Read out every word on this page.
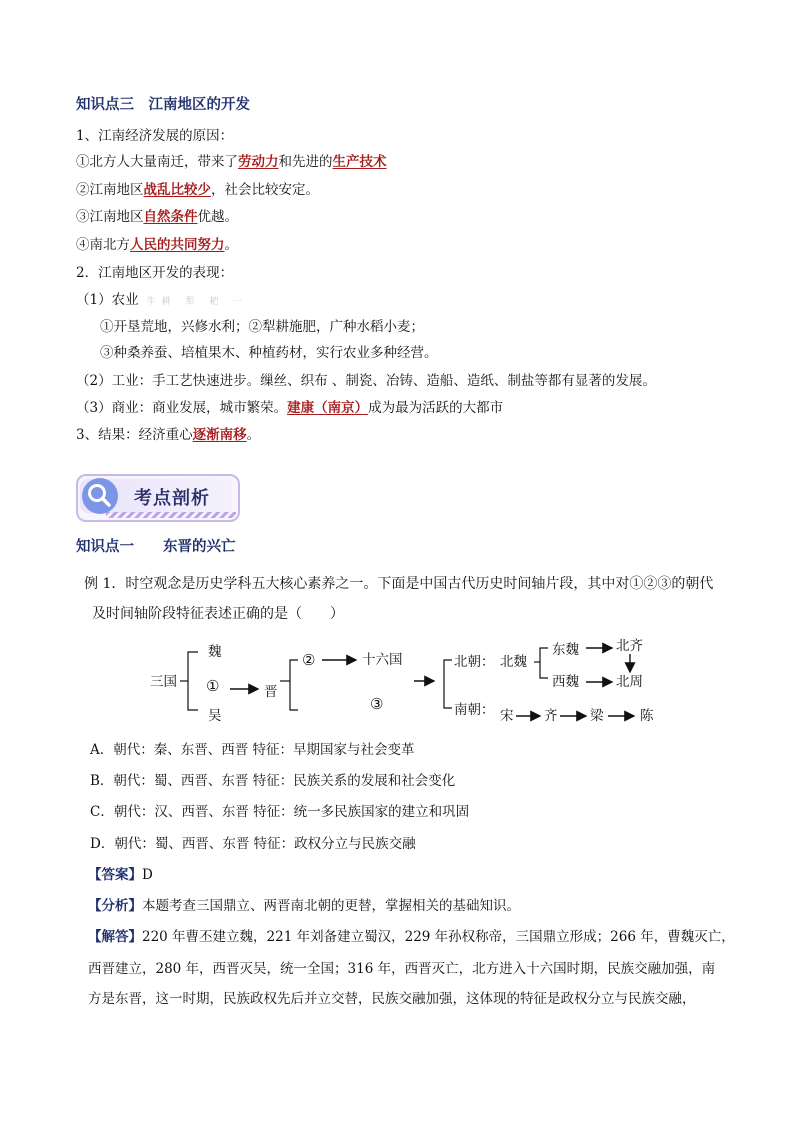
知识点三　江南地区的开发
1、江南经济发展的原因：
①北方人大量南迁，带来了劳动力和先进的生产技术
②江南地区战乱比较少，社会比较安定。
③江南地区自然条件优越。
④南北方人民的共同努力。
2．江南地区开发的表现：
（1）农业 牛耕 犁 耙 一
①开垦荒地，兴修水利；②犁耕施肥，广种水稻小麦；
③种桑养蚕、培植果木、种植药材，实行农业多种经营。
（2）工业：手工艺快速进步。缫丝、织布 、制瓷、冶铸、造船、造纸、制盐等都有显著的发展。
（3）商业：商业发展，城市繁荣。建康（南京）成为最为活跃的大都市
3、结果：经济重心逐渐南移。
考点剖析
知识点一　　东晋的兴亡
例 1．时空观念是历史学科五大核心素养之一。下面是中国古代历史时间轴片段，其中对①②③的朝代
及时间轴阶段特征表述正确的是（　　）
三国
魏
①
吴
晋
②	十六国
③
北朝： 北魏
东魏
西魏
北齐
北周
南朝： 宋 齐 梁	陈
A．朝代：秦、东晋、西晋 特征：早期国家与社会变革
B．朝代：蜀、西晋、东晋 特征：民族关系的发展和社会变化
C．朝代：汉、西晋、东晋 特征：统一多民族国家的建立和巩固
D．朝代：蜀、西晋、东晋 特征：政权分立与民族交融
【答案】D
【分析】本题考查三国鼎立、两晋南北朝的更替，掌握相关的基础知识。
【解答】220 年曹丕建立魏，221 年刘备建立蜀汉，229 年孙权称帝，三国鼎立形成；266 年，曹魏灭亡，
西晋建立，280 年，西晋灭吴，统一全国；316 年，西晋灭亡，北方进入十六国时期，民族交融加强，南
方是东晋，这一时期，民族政权先后并立交替，民族交融加强，这体现的特征是政权分立与民族交融，
